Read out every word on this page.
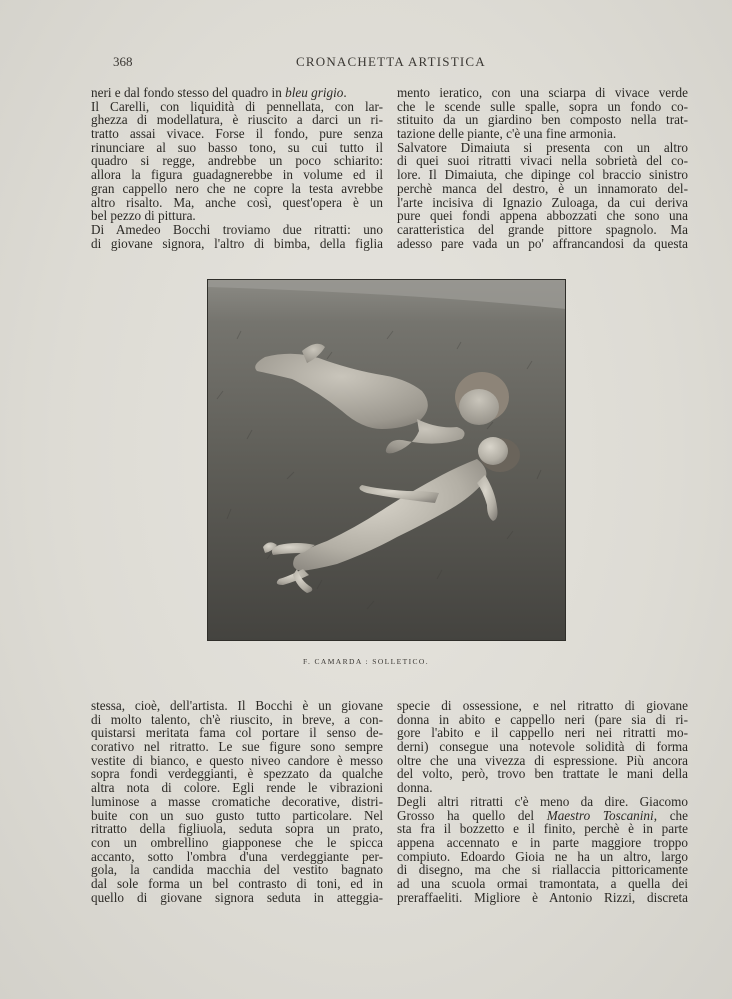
368	CRONACHETTA ARTISTICA
neri e dal fondo stesso del quadro in bleu grigio.
Il Carelli, con liquidità di pennellata, con lar-
ghezza di modellatura, è riuscito a darci un ri-
tratto assai vivace. Forse il fondo, pure senza
rinunciare al suo basso tono, su cui tutto il
quadro si regge, andrebbe un poco schiarito:
allora la figura guadagnerebbe in volume ed il
gran cappello nero che ne copre la testa avrebbe
altro risalto. Ma, anche così, quest'opera è un
bel pezzo di pittura.
Di Amedeo Bocchi troviamo due ritratti: uno
di giovane signora, l'altro di bimba, della figlia
mento ieratico, con una sciarpa di vivace verde
che le scende sulle spalle, sopra un fondo co-
stituito da un giardino ben composto nella trat-
tazione delle piante, c'è una fine armonia.
Salvatore Dimaiuta si presenta con un altro
di quei suoi ritratti vivaci nella sobrietà del co-
lore. Il Dimaiuta, che dipinge col braccio sinistro
perchè manca del destro, è un innamorato del-
l'arte incisiva di Ignazio Zuloaga, da cui deriva
pure quei fondi appena abbozzati che sono una
caratteristica del grande pittore spagnolo. Ma
adesso pare vada un po' affrancandosi da questa
F. CAMARDA : SOLLETICO.
stessa, cioè, dell'artista. Il Bocchi è un giovane
di molto talento, ch'è riuscito, in breve, a con-
quistarsi meritata fama col portare il senso de-
corativo nel ritratto. Le sue figure sono sempre
vestite di bianco, e questo niveo candore è messo
sopra fondi verdeggianti, è spezzato da qualche
altra nota di colore. Egli rende le vibrazioni
luminose a masse cromatiche decorative, distri-
buite con un suo gusto tutto particolare. Nel
ritratto della figliuola, seduta sopra un prato,
con un ombrellino giapponese che le spicca
accanto, sotto l'ombra d'una verdeggiante per-
gola, la candida macchia del vestito bagnato
dal sole forma un bel contrasto di toni, ed in
quello di giovane signora seduta in atteggia-
specie di ossessione, e nel ritratto di giovane
donna in abito e cappello neri (pare sia di ri-
gore l'abito e il cappello neri nei ritratti mo-
derni) consegue una notevole solidità di forma
oltre che una vivezza di espressione. Più ancora
del volto, però, trovo ben trattate le mani della
donna.
Degli altri ritratti c'è meno da dire. Giacomo
Grosso ha quello del Maestro Toscanini, che
sta fra il bozzetto e il finito, perchè è in parte
appena accennato e in parte maggiore troppo
compiuto. Edoardo Gioia ne ha un altro, largo
di disegno, ma che si riallaccia pittoricamente
ad una scuola ormai tramontata, a quella dei
preraffaeliti. Migliore è Antonio Rizzi, discreta
